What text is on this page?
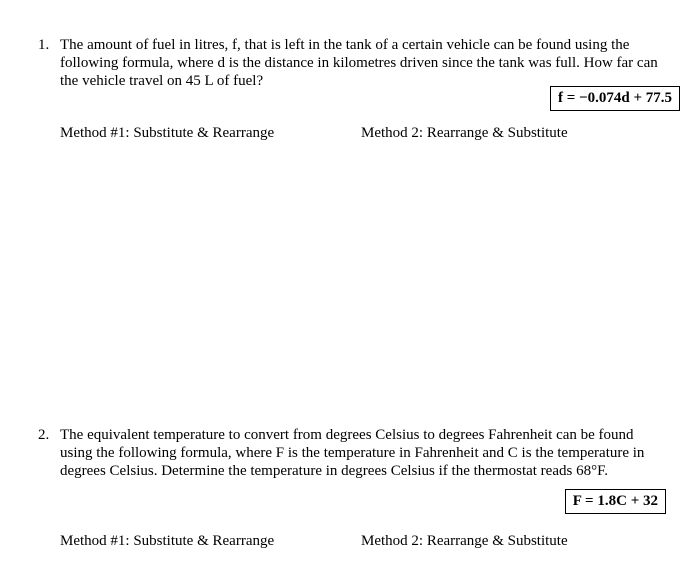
1. The amount of fuel in litres, f, that is left in the tank of a certain vehicle can be found using the following formula, where d is the distance in kilometres driven since the tank was full. How far can the vehicle travel on 45 L of fuel?
f = −0.074d + 77.5
Method #1: Substitute & Rearrange	Method 2: Rearrange & Substitute
2. The equivalent temperature to convert from degrees Celsius to degrees Fahrenheit can be found using the following formula, where F is the temperature in Fahrenheit and C is the temperature in degrees Celsius. Determine the temperature in degrees Celsius if the thermostat reads 68°F.
F = 1.8C + 32
Method #1: Substitute & Rearrange	Method 2: Rearrange & Substitute
